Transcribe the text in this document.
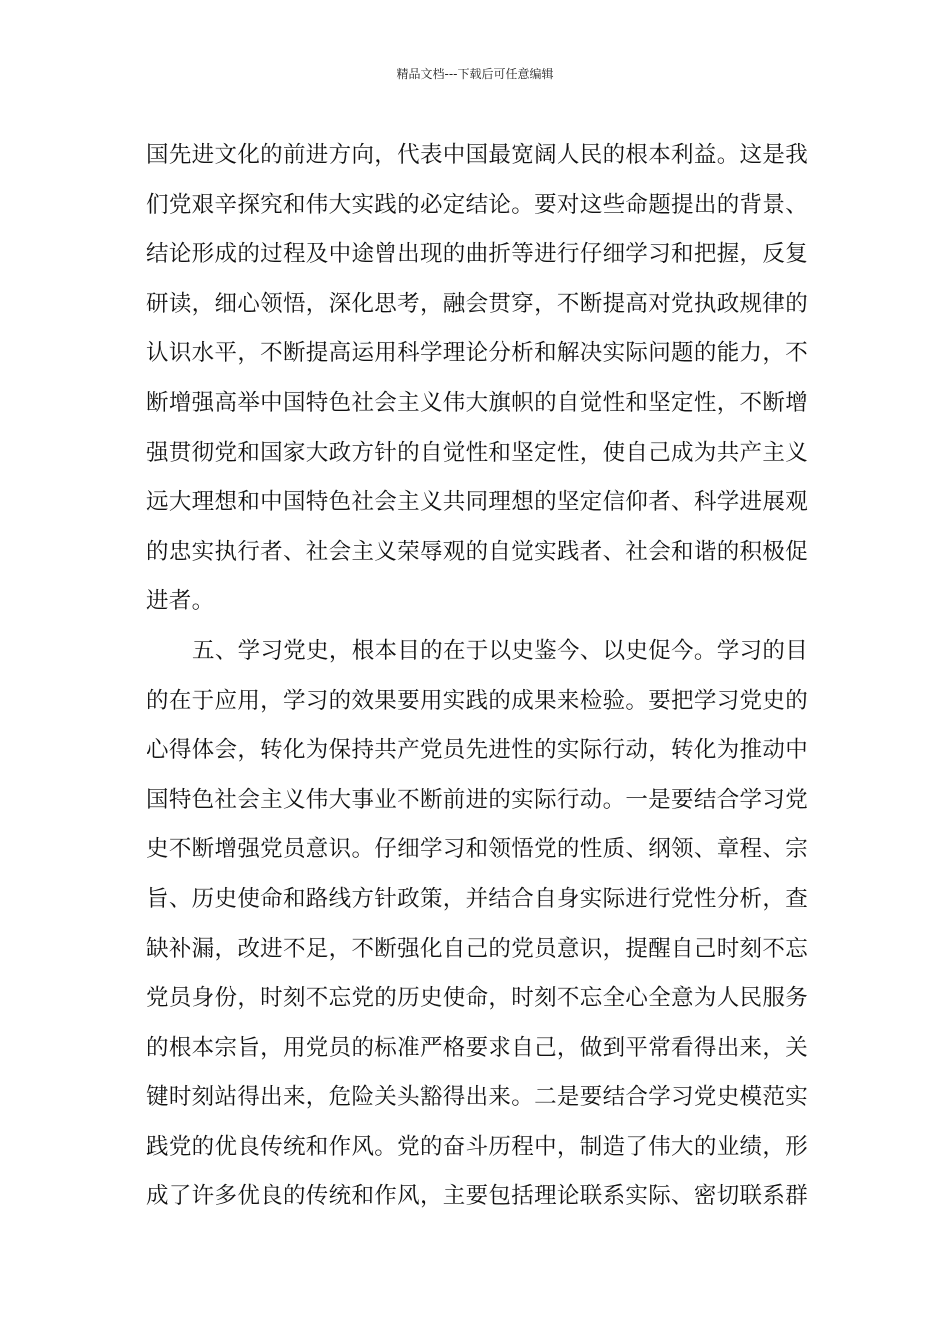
精品文档---下载后可任意编辑
国先进文化的前进方向，代表中国最宽阔人民的根本利益。这是我
们党艰辛探究和伟大实践的必定结论。要对这些命题提出的背景、
结论形成的过程及中途曾出现的曲折等进行仔细学习和把握，反复
研读，细心领悟，深化思考，融会贯穿，不断提高对党执政规律的
认识水平，不断提高运用科学理论分析和解决实际问题的能力，不
断增强高举中国特色社会主义伟大旗帜的自觉性和坚定性，不断增
强贯彻党和国家大政方针的自觉性和坚定性，使自己成为共产主义
远大理想和中国特色社会主义共同理想的坚定信仰者、科学进展观
的忠实执行者、社会主义荣辱观的自觉实践者、社会和谐的积极促
进者。
五、学习党史，根本目的在于以史鉴今、以史促今。学习的目
的在于应用，学习的效果要用实践的成果来检验。要把学习党史的
心得体会，转化为保持共产党员先进性的实际行动，转化为推动中
国特色社会主义伟大事业不断前进的实际行动。一是要结合学习党
史不断增强党员意识。仔细学习和领悟党的性质、纲领、章程、宗
旨、历史使命和路线方针政策，并结合自身实际进行党性分析，查
缺补漏，改进不足，不断强化自己的党员意识，提醒自己时刻不忘
党员身份，时刻不忘党的历史使命，时刻不忘全心全意为人民服务
的根本宗旨，用党员的标准严格要求自己，做到平常看得出来，关
键时刻站得出来，危险关头豁得出来。二是要结合学习党史模范实
践党的优良传统和作风。党的奋斗历程中，制造了伟大的业绩，形
成了许多优良的传统和作风，主要包括理论联系实际、密切联系群
